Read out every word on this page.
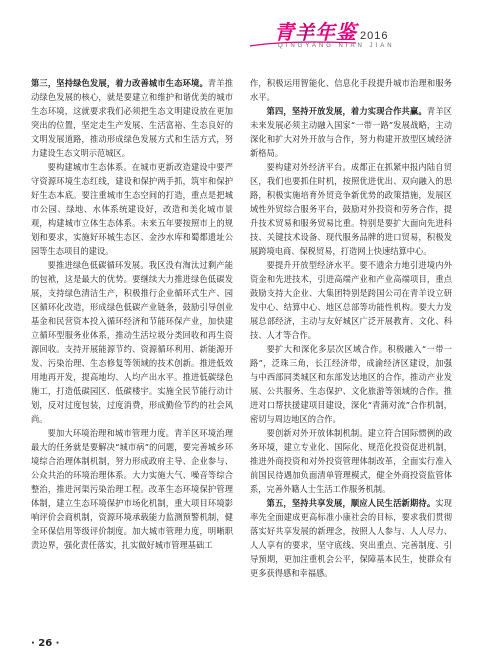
青羊年鉴 2016
QINGYANG NIAN JIAN

第三，坚持绿色发展，着力改善城市生态环境。青羊推动绿色发展的核心，就是要建立和维护和谐优美的城市生态环境，这就要求我们必须把生态文明建设放在更加突出的位置，坚定走生产发展、生活富裕、生态良好的文明发展道路，推动形成绿色发展方式和生活方式，努力建设生态文明示范城区。

要构建城市生态体系。在城市更新改造建设中要严守资源环境生态红线，建设和保护两手抓，筑牢和保护好生态本底。要注重城市生态空间的打造，重点是把城市公园、绿地、水体系统建设好，改造和美化城市景观，构建城市立体生态体系。未来五年要按照市上的规划和要求，实施好环城生态区、金沙水库和蜀都遗址公园等生态项目的建设。

要推进绿色低碳循环发展。我区没有淘汰过剩产能的包袱，这是最大的优势。要继续大力推进绿色低碳发展，支持绿色清洁生产，积极推行企业循环式生产、园区循环化改造，形成绿色低碳产业链条，鼓励引导创业基金和民营资本投入循环经济和节能环保产业，加快建立循环型服务业体系，推动生活垃圾分类回收和再生资源回收。支持开展能源节约、资源循环利用、新能源开发、污染治理、生态修复等领域的技术创新。推进低效用地再开发，提高地均、人均产出水平。推进低碳绿色施工，打造低碳园区、低碳楼宇。实施全民节能行动计划，反对过度包装，过度消费，形成勤俭节约的社会风尚。

要加大环境治理和城市管理力度。青羊区环境治理最大的任务就是要解决“城市病”的问题，要完善城乡环境综合治理体制机制，努力形成政府主导、企业参与、公众共治的环境治理体系。大力实施大气、噪音等综合整治，推进河渠污染治理工程。改革生态环境保护管理体制，建立生态环境保护市场化机制，重大项目环境影响评价会商机制，资源环境承载能力监测预警机制，健全环保信用等级评价制度。加大城市管理力度，明晰职责边界，强化责任落实，扎实做好城市管理基础工

作，积极运用智能化、信息化手段提升城市治理和服务水平。

第四，坚持开放发展，着力实现合作共赢。青羊区未来发展必须主动融入国家“一带一路”发展战略，主动深化和扩大对外开放与合作，努力构建开放型区域经济新格局。

要构建对外经济平台。成都正在抓紧申报内陆自贸区，我们也要抓住时机，按照优进优出、双向融入的思路，积极实施培育外贸竞争新优势的政策措施，发展区域性外贸综合服务平台，鼓励对外投资和劳务合作，提升技术贸易和服务贸易比重。特别是要扩大面向先进科技、关键技术设备、现代服务品牌的进口贸易，积极发展跨境电商、保税贸易，打造网上快速结算中心。

要提升开放型经济水平。要不遗余力地引进境内外资金和先进技术，引进高端产业和产业高端项目，重点鼓励支持大企业、大集团特别是跨国公司在青羊设立研发中心、结算中心、地区总部等功能性机构。要大力发展总部经济，主动与友好城区广泛开展教育、文化、科技、人才等合作。

要扩大和深化多层次区域合作。积极融入“一带一路”，泛珠三角，长江经济带，成渝经济区建设，加强与中西部同类城区和东部发达地区的合作，推动产业发展、公共服务、生态保护、文化旅游等领域的合作。推进对口帮扶援建项目建设，深化“青蒲对流”合作机制，密切与周边地区的合作。

要创新对外开放体制机制。建立符合国际惯例的政务环境，建立专业化、国际化、规范化投资促进机制，推进外商投资和对外投资管理体制改革，全面实行准入前国民待遇加负面清单管理模式，健全外商投资监管体系，完善外籍人士生活工作服务机制。

第五，坚持共享发展，顺应人民生活新期待。实现率先全面建成更高标准小康社会的目标，要求我们贯彻落实好共享发展的新理念，按照人人参与、人人尽力、人人享有的要求，坚守底线、突出重点、完善制度、引导预期，更加注重机会公平，保障基本民生，使群众有更多获得感和幸福感。

· 26 ·
